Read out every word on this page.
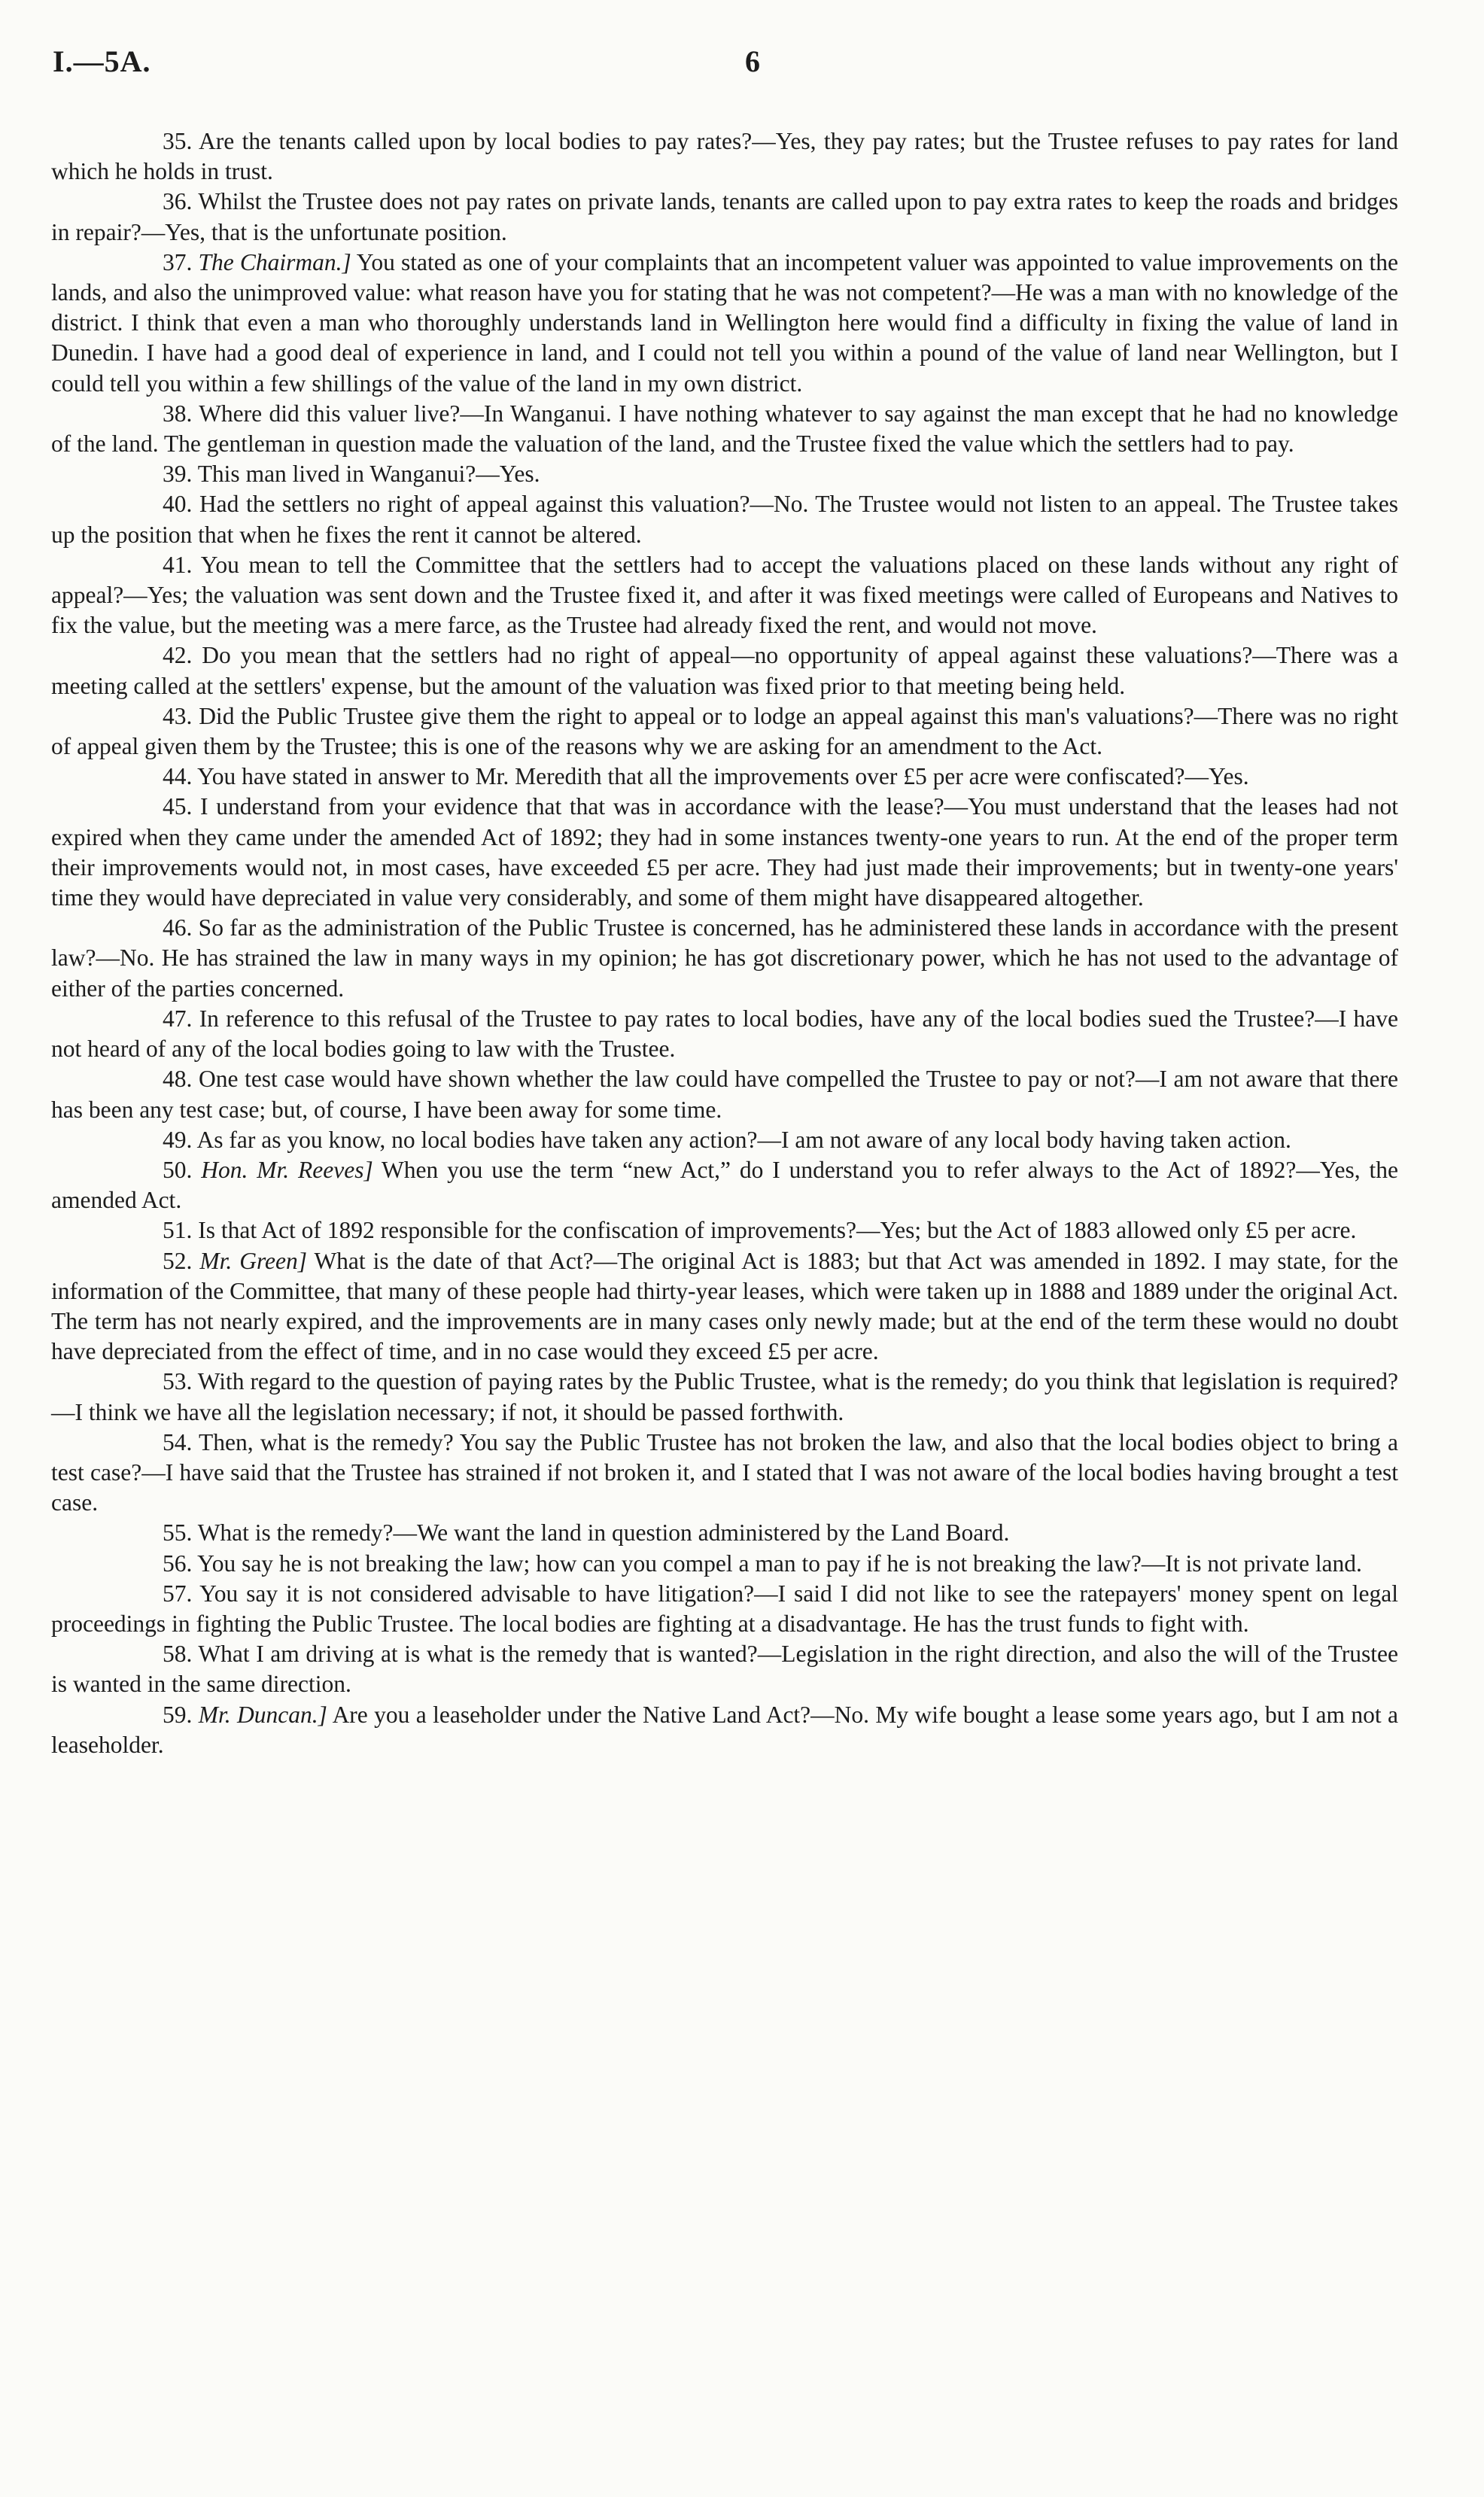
I.—5A.	6

35. Are the tenants called upon by local bodies to pay rates?—Yes, they pay rates; but the Trustee refuses to pay rates for land which he holds in trust.

36. Whilst the Trustee does not pay rates on private lands, tenants are called upon to pay extra rates to keep the roads and bridges in repair?—Yes, that is the unfortunate position.

37. The Chairman.] You stated as one of your complaints that an incompetent valuer was appointed to value improvements on the lands, and also the unimproved value: what reason have you for stating that he was not competent?—He was a man with no knowledge of the district. I think that even a man who thoroughly understands land in Wellington here would find a difficulty in fixing the value of land in Dunedin. I have had a good deal of experience in land, and I could not tell you within a pound of the value of land near Wellington, but I could tell you within a few shillings of the value of the land in my own district.

38. Where did this valuer live?—In Wanganui. I have nothing whatever to say against the man except that he had no knowledge of the land. The gentleman in question made the valuation of the land, and the Trustee fixed the value which the settlers had to pay.

39. This man lived in Wanganui?—Yes.

40. Had the settlers no right of appeal against this valuation?—No. The Trustee would not listen to an appeal. The Trustee takes up the position that when he fixes the rent it cannot be altered.

41. You mean to tell the Committee that the settlers had to accept the valuations placed on these lands without any right of appeal?—Yes; the valuation was sent down and the Trustee fixed it, and after it was fixed meetings were called of Europeans and Natives to fix the value, but the meeting was a mere farce, as the Trustee had already fixed the rent, and would not move.

42. Do you mean that the settlers had no right of appeal—no opportunity of appeal against these valuations?—There was a meeting called at the settlers' expense, but the amount of the valuation was fixed prior to that meeting being held.

43. Did the Public Trustee give them the right to appeal or to lodge an appeal against this man's valuations?—There was no right of appeal given them by the Trustee; this is one of the reasons why we are asking for an amendment to the Act.

44. You have stated in answer to Mr. Meredith that all the improvements over £5 per acre were confiscated?—Yes.

45. I understand from your evidence that that was in accordance with the lease?—You must understand that the leases had not expired when they came under the amended Act of 1892; they had in some instances twenty-one years to run. At the end of the proper term their improvements would not, in most cases, have exceeded £5 per acre. They had just made their improvements; but in twenty-one years' time they would have depreciated in value very considerably, and some of them might have disappeared altogether.

46. So far as the administration of the Public Trustee is concerned, has he administered these lands in accordance with the present law?—No. He has strained the law in many ways in my opinion; he has got discretionary power, which he has not used to the advantage of either of the parties concerned.

47. In reference to this refusal of the Trustee to pay rates to local bodies, have any of the local bodies sued the Trustee?—I have not heard of any of the local bodies going to law with the Trustee.

48. One test case would have shown whether the law could have compelled the Trustee to pay or not?—I am not aware that there has been any test case; but, of course, I have been away for some time.

49. As far as you know, no local bodies have taken any action?—I am not aware of any local body having taken action.

50. Hon. Mr. Reeves] When you use the term “new Act,” do I understand you to refer always to the Act of 1892?—Yes, the amended Act.

51. Is that Act of 1892 responsible for the confiscation of improvements?—Yes; but the Act of 1883 allowed only £5 per acre.

52. Mr. Green] What is the date of that Act?—The original Act is 1883; but that Act was amended in 1892. I may state, for the information of the Committee, that many of these people had thirty-year leases, which were taken up in 1888 and 1889 under the original Act. The term has not nearly expired, and the improvements are in many cases only newly made; but at the end of the term these would no doubt have depreciated from the effect of time, and in no case would they exceed £5 per acre.

53. With regard to the question of paying rates by the Public Trustee, what is the remedy; do you think that legislation is required?—I think we have all the legislation necessary; if not, it should be passed forthwith.

54. Then, what is the remedy? You say the Public Trustee has not broken the law, and also that the local bodies object to bring a test case?—I have said that the Trustee has strained if not broken it, and I stated that I was not aware of the local bodies having brought a test case.

55. What is the remedy?—We want the land in question administered by the Land Board.

56. You say he is not breaking the law; how can you compel a man to pay if he is not breaking the law?—It is not private land.

57. You say it is not considered advisable to have litigation?—I said I did not like to see the ratepayers' money spent on legal proceedings in fighting the Public Trustee. The local bodies are fighting at a disadvantage. He has the trust funds to fight with.

58. What I am driving at is what is the remedy that is wanted?—Legislation in the right direction, and also the will of the Trustee is wanted in the same direction.

59. Mr. Duncan.] Are you a leaseholder under the Native Land Act?—No. My wife bought a lease some years ago, but I am not a leaseholder.
